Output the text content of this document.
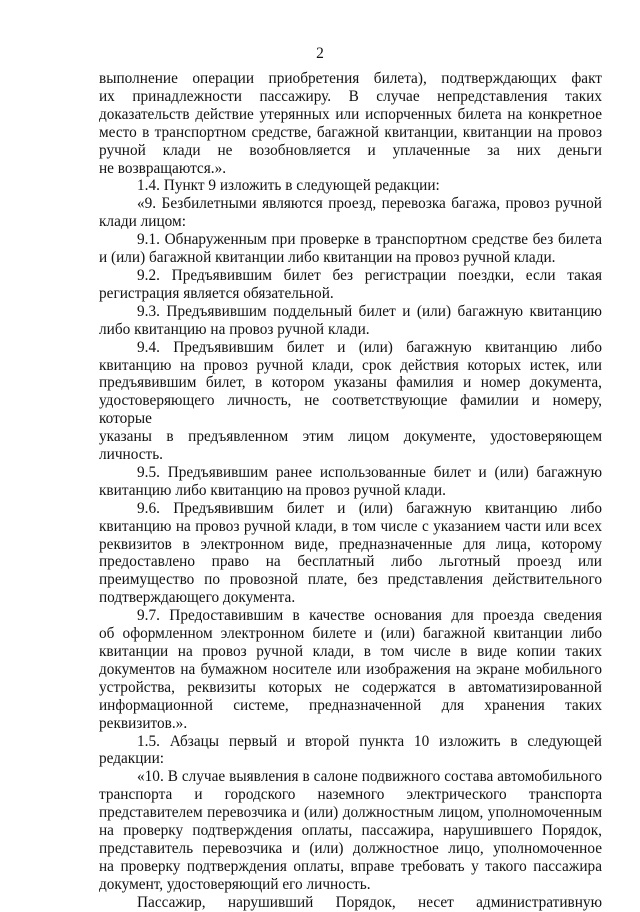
2

выполнение операции приобретения билета), подтверждающих факт

их принадлежности пассажиру. В случае непредставления таких

доказательств действие утерянных или испорченных билета на конкретное

место в транспортном средстве, багажной квитанции, квитанции на провоз

ручной клади не возобновляется и уплаченные за них деньги

не возвращаются.».

1.4. Пункт 9 изложить в следующей редакции:

«9. Безбилетными являются проезд, перевозка багажа, провоз ручной

клади лицом:

9.1. Обнаруженным при проверке в транспортном средстве без билета

и (или) багажной квитанции либо квитанции на провоз ручной клади.

9.2. Предъявившим билет без регистрации поездки, если такая

регистрация является обязательной.

9.3. Предъявившим поддельный билет и (или) багажную квитанцию

либо квитанцию на провоз ручной клади.

9.4. Предъявившим билет и (или) багажную квитанцию либо

квитанцию на провоз ручной клади, срок действия которых истек, или

предъявившим билет, в котором указаны фамилия и номер документа,

удостоверяющего личность, не соответствующие фамилии и номеру, которые

указаны в предъявленном этим лицом документе, удостоверяющем личность.

9.5. Предъявившим ранее использованные билет и (или) багажную

квитанцию либо квитанцию на провоз ручной клади.

9.6. Предъявившим билет и (или) багажную квитанцию либо

квитанцию на провоз ручной клади, в том числе с указанием части или всех

реквизитов в электронном виде, предназначенные для лица, которому

предоставлено право на бесплатный либо льготный проезд или

преимущество по провозной плате, без представления действительного

подтверждающего документа.

9.7. Предоставившим в качестве основания для проезда сведения

об оформленном электронном билете и (или) багажной квитанции либо

квитанции на провоз ручной клади, в том числе в виде копии таких

документов на бумажном носителе или изображения на экране мобильного

устройства, реквизиты которых не содержатся в автоматизированной

информационной системе, предназначенной для хранения таких

реквизитов.».

1.5. Абзацы первый и второй пункта 10 изложить в следующей

редакции:

«10. В случае выявления в салоне подвижного состава автомобильного

транспорта и городского наземного электрического транспорта

представителем перевозчика и (или) должностным лицом, уполномоченным

на проверку подтверждения оплаты, пассажира, нарушившего Порядок,

представитель перевозчика и (или) должностное лицо, уполномоченное

на проверку подтверждения оплаты, вправе требовать у такого пассажира

документ, удостоверяющий его личность.

Пассажир, нарушивший Порядок, несет административную
